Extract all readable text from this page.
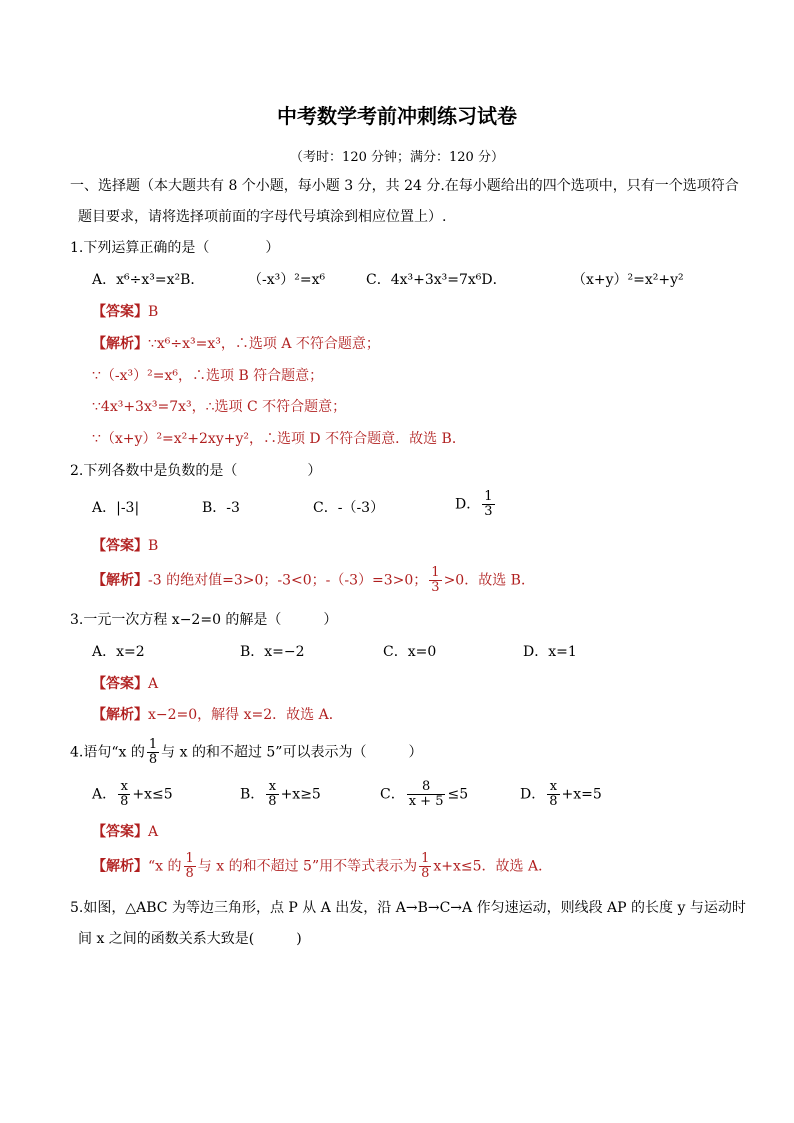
中考数学考前冲刺练习试卷
（考时：120 分钟；满分：120 分）
一、选择题（本大题共有 8 个小题，每小题 3 分，共 24 分.在每小题给出的四个选项中，只有一个选项符合
题目要求，请将选择项前面的字母代号填涂到相应位置上）.
1.下列运算正确的是（　　　　）
A．x⁶÷x³=x²B．	（-x³）²=x⁶	C．4x³+3x³=7x⁶D．	（x+y）²=x²+y²
【答案】B
【解析】∵x⁶÷x³=x³，∴选项 A 不符合题意；
∵（-x³）²=x⁶，∴选项 B 符合题意；
∵4x³+3x³=7x³，∴选项 C 不符合题意；
∵（x+y）²=x²+2xy+y²，∴选项 D 不符合题意．故选 B．
2.下列各数中是负数的是（　　　　　）
A．|-3|	B．-3	C．-（-3）	D． $\frac{1}{3}$
【答案】B
【解析】-3 的绝对值=3>0；-3<0；-（-3）=3>0； $\frac{1}{3} >0$．故选 B．
3.一元一次方程 x−2=0 的解是（　　　）
A．x=2	B．x=−2	C．x=0	D．x=1
【答案】A
【解析】x−2=0，解得 x=2．故选 A．
4.语句“x 的 $\frac{1}{8}$ 与 x 的和不超过 5”可以表示为（　　　）
A． $\frac{x}{8} +x\le 5$	B． $\frac{x}{8} +x\ge 5$	C． $\frac{8}{x + 5} \le 5$	D． $\frac{x}{8} +x=5$
【答案】A
【解析】“x 的 $\frac{1}{8}$ 与 x 的和不超过 5”用不等式表示为 $\frac{1}{8} x+x\le 5$．故选 A．
5.如图，△ABC 为等边三角形，点 P 从 A 出发，沿 A→B→C→A 作匀速运动，则线段 AP 的长度 y 与运动时
间 x 之间的函数关系大致是(　　　)
